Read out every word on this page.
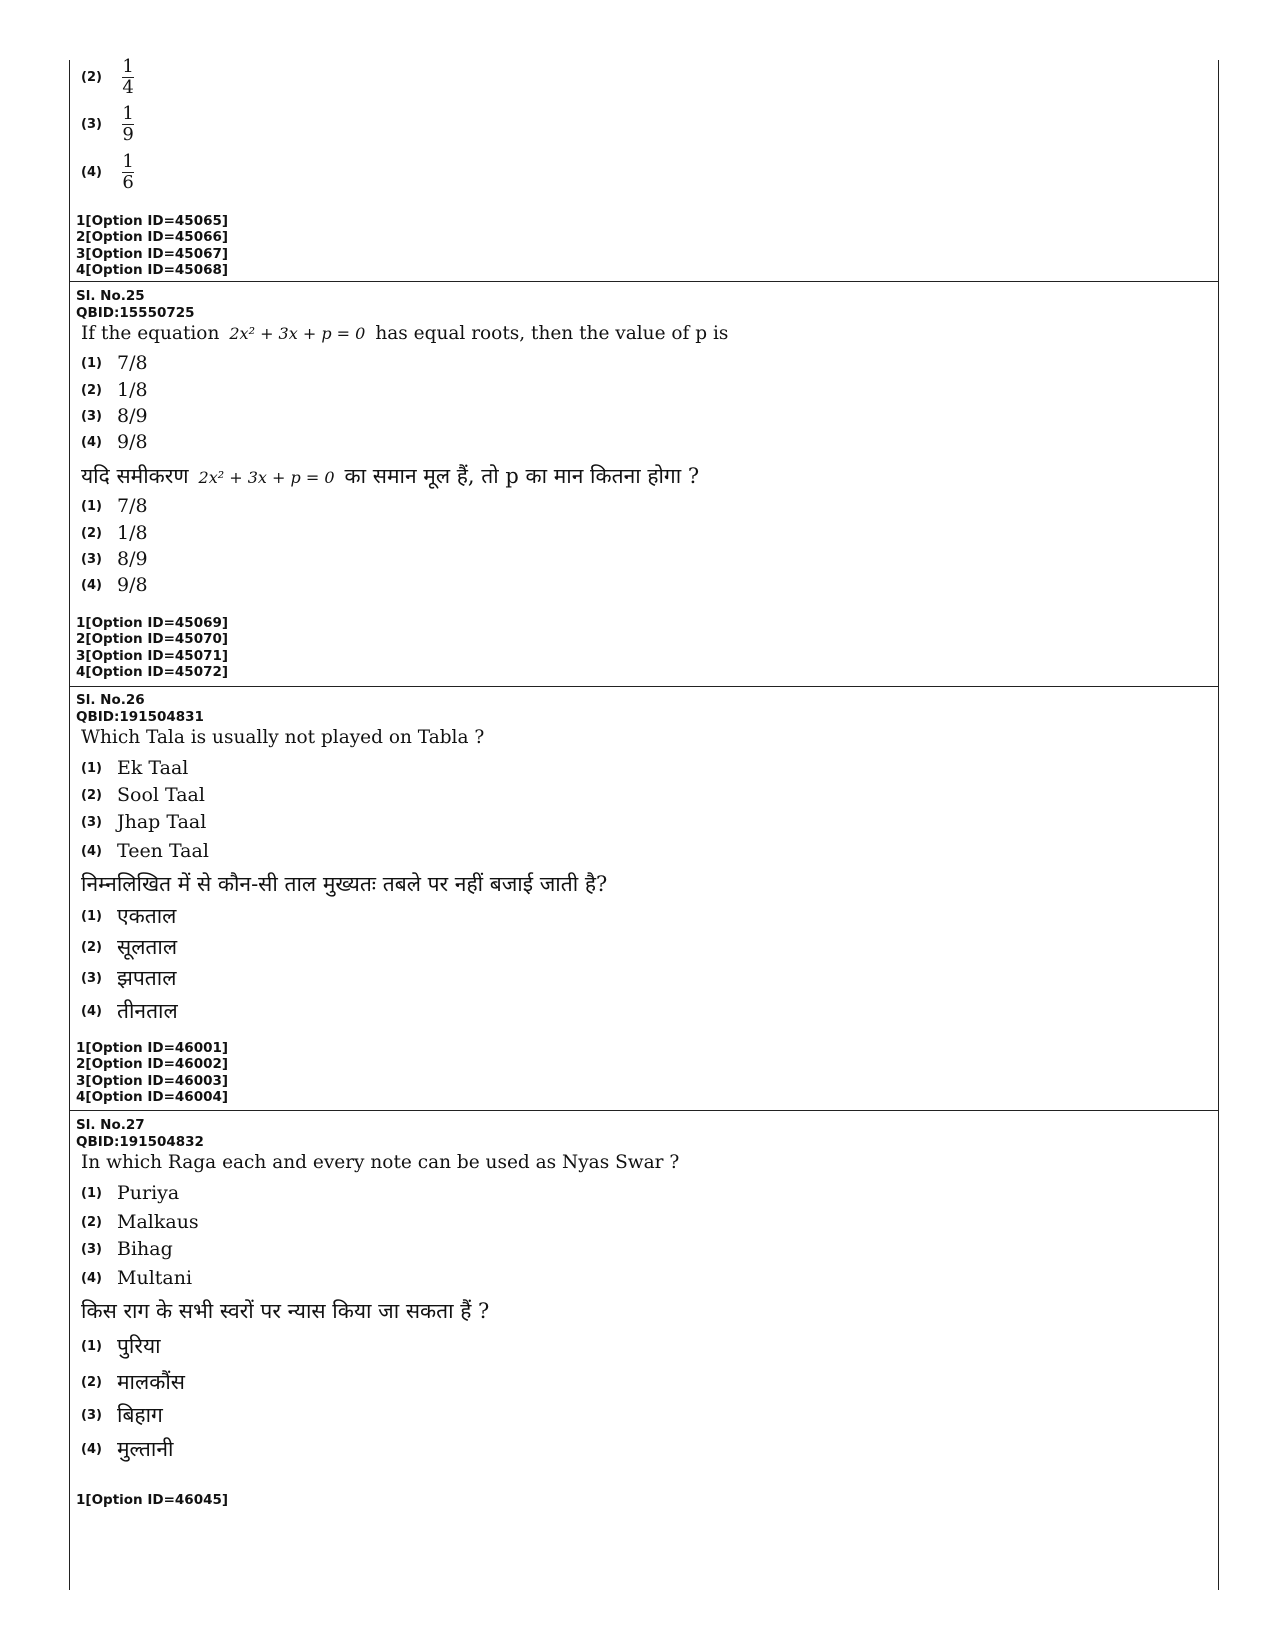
$(2) \frac{1}{4}$
$(3) \frac{1}{9}$
$(4) \frac{1}{6}$
1[Option ID=45065]
2[Option ID=45066]
3[Option ID=45067]
4[Option ID=45068]
Sl. No.25
QBID:15550725
If the equation 2x² + 3x + p = 0 has equal roots, then the value of p is
(1) 7/8
(2) 1/8
(3) 8/9
(4) 9/8
यदि समीकरण 2x² + 3x + p = 0 का समान मूल हैं, तो p का मान कितना होगा ?
(1) 7/8
(2) 1/8
(3) 8/9
(4) 9/8
1[Option ID=45069]
2[Option ID=45070]
3[Option ID=45071]
4[Option ID=45072]
Sl. No.26
QBID:191504831
Which Tala is usually not played on Tabla ?
(1) Ek Taal
(2) Sool Taal
(3) Jhap Taal
(4) Teen Taal
निम्नलिखित में से कौन-सी ताल मुख्यतः तबले पर नहीं बजाई जाती है?
(1) एकताल
(2) सूलताल
(3) झपताल
(4) तीनताल
1[Option ID=46001]
2[Option ID=46002]
3[Option ID=46003]
4[Option ID=46004]
Sl. No.27
QBID:191504832
In which Raga each and every note can be used as Nyas Swar ?
(1) Puriya
(2) Malkaus
(3) Bihag
(4) Multani
किस राग के सभी स्वरों पर न्यास किया जा सकता हैं ?
(1) पुरिया
(2) मालकौंस
(3) बिहाग
(4) मुल्तानी
1[Option ID=46045]
